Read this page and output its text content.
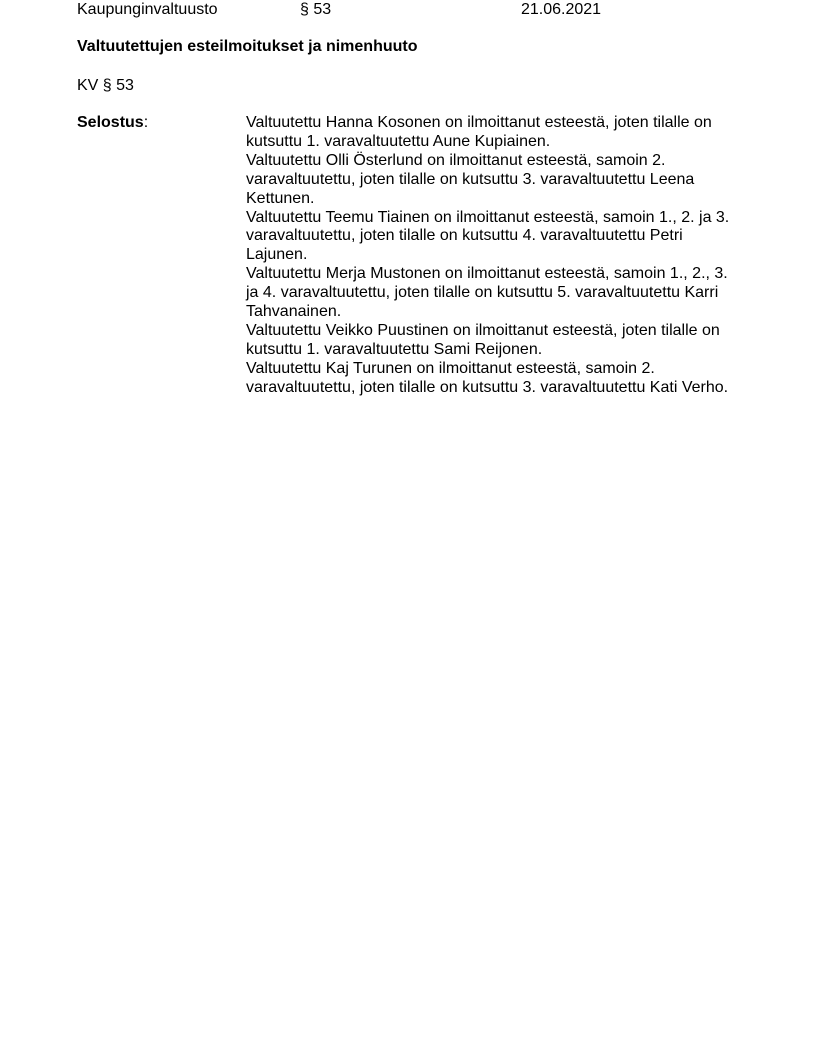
Kaupunginvaltuusto	§ 53	21.06.2021
Valtuutettujen esteilmoitukset ja nimenhuuto
KV § 53
Selostus:	Valtuutettu Hanna Kosonen on ilmoittanut esteestä, joten tilalle on
kutsuttu 1. varavaltuutettu Aune Kupiainen.
Valtuutettu Olli Österlund on ilmoittanut esteestä, samoin 2.
varavaltuutettu, joten tilalle on kutsuttu 3. varavaltuutettu Leena
Kettunen.
Valtuutettu Teemu Tiainen on ilmoittanut esteestä, samoin 1., 2. ja 3.
varavaltuutettu, joten tilalle on kutsuttu 4. varavaltuutettu Petri
Lajunen.
Valtuutettu Merja Mustonen on ilmoittanut esteestä, samoin 1., 2., 3.
ja 4. varavaltuutettu, joten tilalle on kutsuttu 5. varavaltuutettu Karri
Tahvanainen.
Valtuutettu Veikko Puustinen on ilmoittanut esteestä, joten tilalle on
kutsuttu 1. varavaltuutettu Sami Reijonen.
Valtuutettu Kaj Turunen on ilmoittanut esteestä, samoin 2.
varavaltuutettu, joten tilalle on kutsuttu 3. varavaltuutettu Kati Verho.
